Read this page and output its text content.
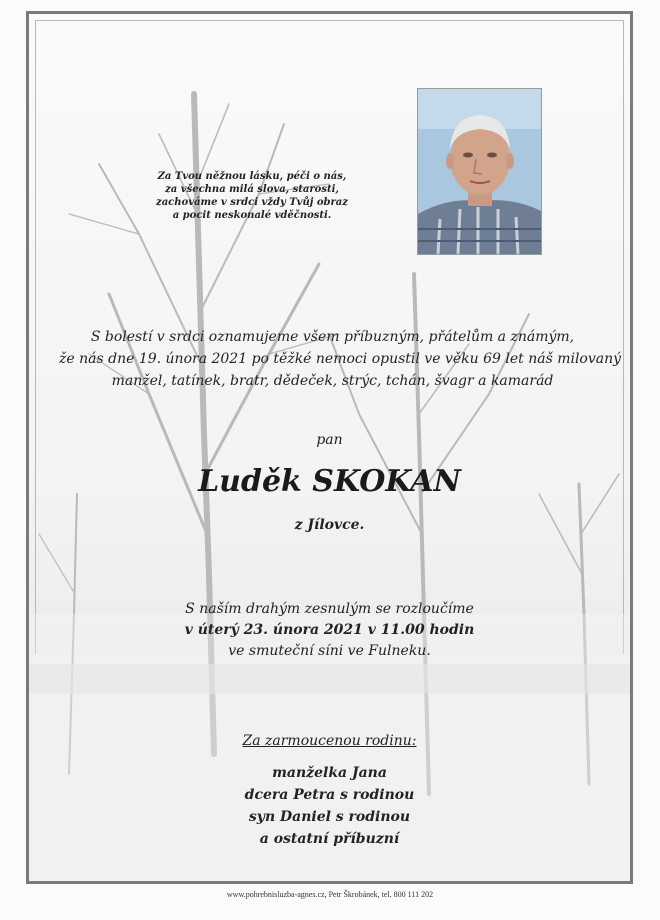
Za Tvou něžnou lásku, péči o nás,
za všechna milá slova, starosti,
zachováme v srdci vždy Tvůj obraz
a pocit neskonalé vděčnosti.
S bolestí v srdci oznamujeme všem příbuzným, přátelům a známým,
že nás dne 19. února 2021 po těžké nemoci opustil ve věku 69 let náš milovaný
manžel, tatínek, bratr, dědeček, strýc, tchán, švagr a kamarád
pan
Luděk SKOKAN
z Jílovce.
S naším drahým zesnulým se rozloučíme
v úterý 23. února 2021 v 11.00 hodin
ve smuteční síni ve Fulneku.
Za zarmoucenou rodinu:
manželka Jana
dcera Petra s rodinou
syn Daniel s rodinou
a ostatní příbuzní
www.pohrebnisluzba-agnes.cz, Petr Škrobánek, tel. 800 111 202
